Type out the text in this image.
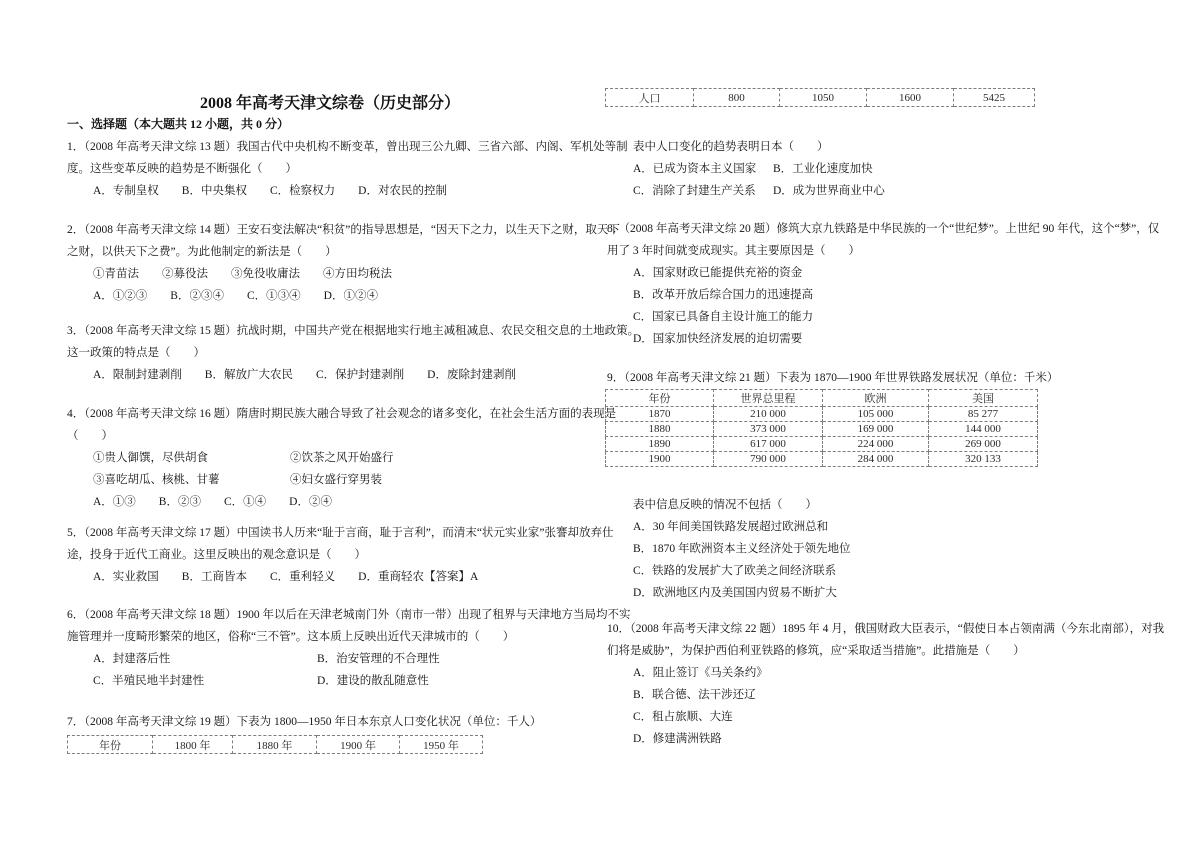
2008 年高考天津文综卷（历史部分）
一、选择题（本大题共 12 小题，共 0 分）
1．（2008 年高考天津文综 13 题）我国古代中央机构不断变革，曾出现三公九卿、三省六部、内阁、军机处等制
度。这些变革反映的趋势是不断强化（　　）
A．专制皇权　　B．中央集权　　C．检察权力　　D．对农民的控制
2．（2008 年高考天津文综 14 题）王安石变法解决“积贫”的指导思想是，“因天下之力，以生天下之财，取天下
之财，以供天下之费”。为此他制定的新法是（　　）
①青苗法　　②募役法　　③免役收庸法　　④方田均税法
A．①②③　　B．②③④　　C．①③④　　D．①②④
3．（2008 年高考天津文综 15 题）抗战时期，中国共产党在根据地实行地主减租减息、农民交租交息的土地政策。
这一政策的特点是（　　）
A．限制封建剥削　　B．解放广大农民　　C．保护封建剥削　　D．废除封建剥削
4．（2008 年高考天津文综 16 题）隋唐时期民族大融合导致了社会观念的诸多变化，在社会生活方面的表现是
（　　）
①贵人御馔，尽供胡食	②饮茶之风开始盛行
③喜吃胡瓜、核桃、甘薯	④妇女盛行穿男装
A．①③　　B．②③　　C．①④　　D．②④
5．（2008 年高考天津文综 17 题）中国读书人历来“耻于言商，耻于言利”，而清末“状元实业家”张謇却放弃仕
途，投身于近代工商业。这里反映出的观念意识是（　　）
A．实业救国　　B．工商皆本　　C．重利轻义　　D．重商轻农【答案】A
6．（2008 年高考天津文综 18 题）1900 年以后在天津老城南门外（南市一带）出现了租界与天津地方当局均不实
施管理并一度畸形繁荣的地区，俗称“三不管”。这本质上反映出近代天津城市的（　　）
A．封建落后性	B．治安管理的不合理性
C．半殖民地半封建性	D．建设的散乱随意性
7．（2008 年高考天津文综 19 题）下表为 1800—1950 年日本东京人口变化状况（单位：千人）
年份	1800 年	1880 年	1900 年	1950 年
人口	800	1050	1600	5425
表中人口变化的趋势表明日本（　　）
A．已成为资本主义国家 B．工业化速度加快
C．消除了封建生产关系 D．成为世界商业中心
8．（2008 年高考天津文综 20 题）修筑大京九铁路是中华民族的一个“世纪梦”。上世纪 90 年代，这个“梦”，仅
用了 3 年时间就变成现实。其主要原因是（　　）
A．国家财政已能提供充裕的资金
B．改革开放后综合国力的迅速提高
C．国家已具备自主设计施工的能力
D．国家加快经济发展的迫切需要
9．（2008 年高考天津文综 21 题）下表为 1870—1900 年世界铁路发展状况（单位：千米）
年份	世界总里程	欧洲	美国
1870	210 000	105 000	85 277
1880	373 000	169 000	144 000
1890	617 000	224 000	269 000
1900	790 000	284 000	320 133
表中信息反映的情况不包括（　　）
A．30 年间美国铁路发展超过欧洲总和
B．1870 年欧洲资本主义经济处于领先地位
C．铁路的发展扩大了欧美之间经济联系
D．欧洲地区内及美国国内贸易不断扩大
10．（2008 年高考天津文综 22 题）1895 年 4 月，俄国财政大臣表示，“假使日本占领南满（今东北南部），对我
们将是威胁”，为保护西伯利亚铁路的修筑，应“采取适当措施”。此措施是（　　）
A．阻止签订《马关条约》
B．联合德、法干涉还辽
C．租占旅顺、大连
D．修建满洲铁路
